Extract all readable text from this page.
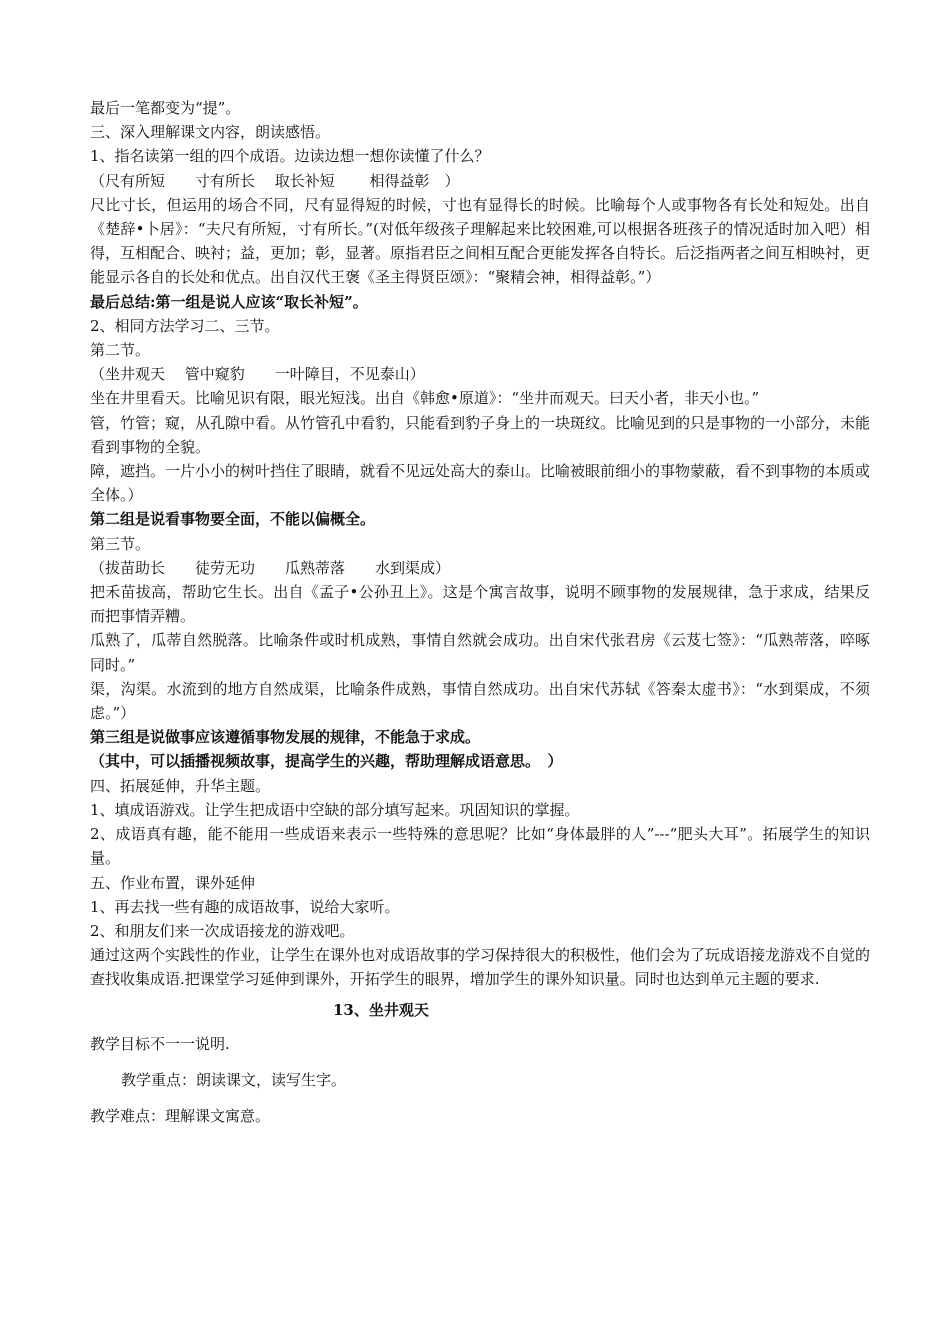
最后一笔都变为“提”。
三、深入理解课文内容，朗读感悟。
1、指名读第一组的四个成语。边读边想一想你读懂了什么？
（尺有所短　　寸有所长　 取长补短　　 相得益彰　）
尺比寸长，但运用的场合不同，尺有显得短的时候，寸也有显得长的时候。比喻每个人或事物各有长处和短处。出自《楚辞•卜居》：“夫尺有所短，寸有所长。”(对低年级孩子理解起来比较困难,可以根据各班孩子的情况适时加入吧）相得，互相配合、映衬；益，更加；彰，显著。原指君臣之间相互配合更能发挥各自特长。后泛指两者之间互相映衬，更能显示各自的长处和优点。出自汉代王褒《圣主得贤臣颂》：“聚精会神，相得益彰。”）
最后总结:第一组是说人应该“取长补短”。
2、相同方法学习二、三节。
第二节。
（坐井观天　 管中窥豹　　一叶障目，不见泰山）
坐在井里看天。比喻见识有限，眼光短浅。出自《韩愈•原道》：“坐井而观天。曰天小者，非天小也。”
管，竹管；窥，从孔隙中看。从竹管孔中看豹，只能看到豹子身上的一块斑纹。比喻见到的只是事物的一小部分，未能看到事物的全貌。
障，遮挡。一片小小的树叶挡住了眼睛，就看不见远处高大的泰山。比喻被眼前细小的事物蒙蔽，看不到事物的本质或全体。）
第二组是说看事物要全面，不能以偏概全。
第三节。
（拔苗助长　　徒劳无功　　瓜熟蒂落　　水到渠成）
把禾苗拔高，帮助它生长。出自《孟子•公孙丑上》。这是个寓言故事，说明不顾事物的发展规律，急于求成，结果反而把事情弄糟。
瓜熟了，瓜蒂自然脱落。比喻条件或时机成熟，事情自然就会成功。出自宋代张君房《云芨七签》：“瓜熟蒂落，啐啄同时。”
渠，沟渠。水流到的地方自然成渠，比喻条件成熟，事情自然成功。出自宋代苏轼《答秦太虚书》：“水到渠成，不须虑。”）
第三组是说做事应该遵循事物发展的规律，不能急于求成。
（其中，可以插播视频故事，提高学生的兴趣，帮助理解成语意思。　）
四、拓展延伸，升华主题。
1、填成语游戏。让学生把成语中空缺的部分填写起来。巩固知识的掌握。
2、成语真有趣，能不能用一些成语来表示一些特殊的意思呢？比如“身体最胖的人”---“肥头大耳”。拓展学生的知识量。
五、作业布置，课外延伸
1、再去找一些有趣的成语故事，说给大家听。
2、和朋友们来一次成语接龙的游戏吧。
通过这两个实践性的作业，让学生在课外也对成语故事的学习保持很大的积极性，他们会为了玩成语接龙游戏不自觉的查找收集成语.把课堂学习延伸到课外，开拓学生的眼界，增加学生的课外知识量。同时也达到单元主题的要求.
13、坐井观天
教学目标不一一说明.
教学重点：朗读课文，读写生字。
教学难点：理解课文寓意。
